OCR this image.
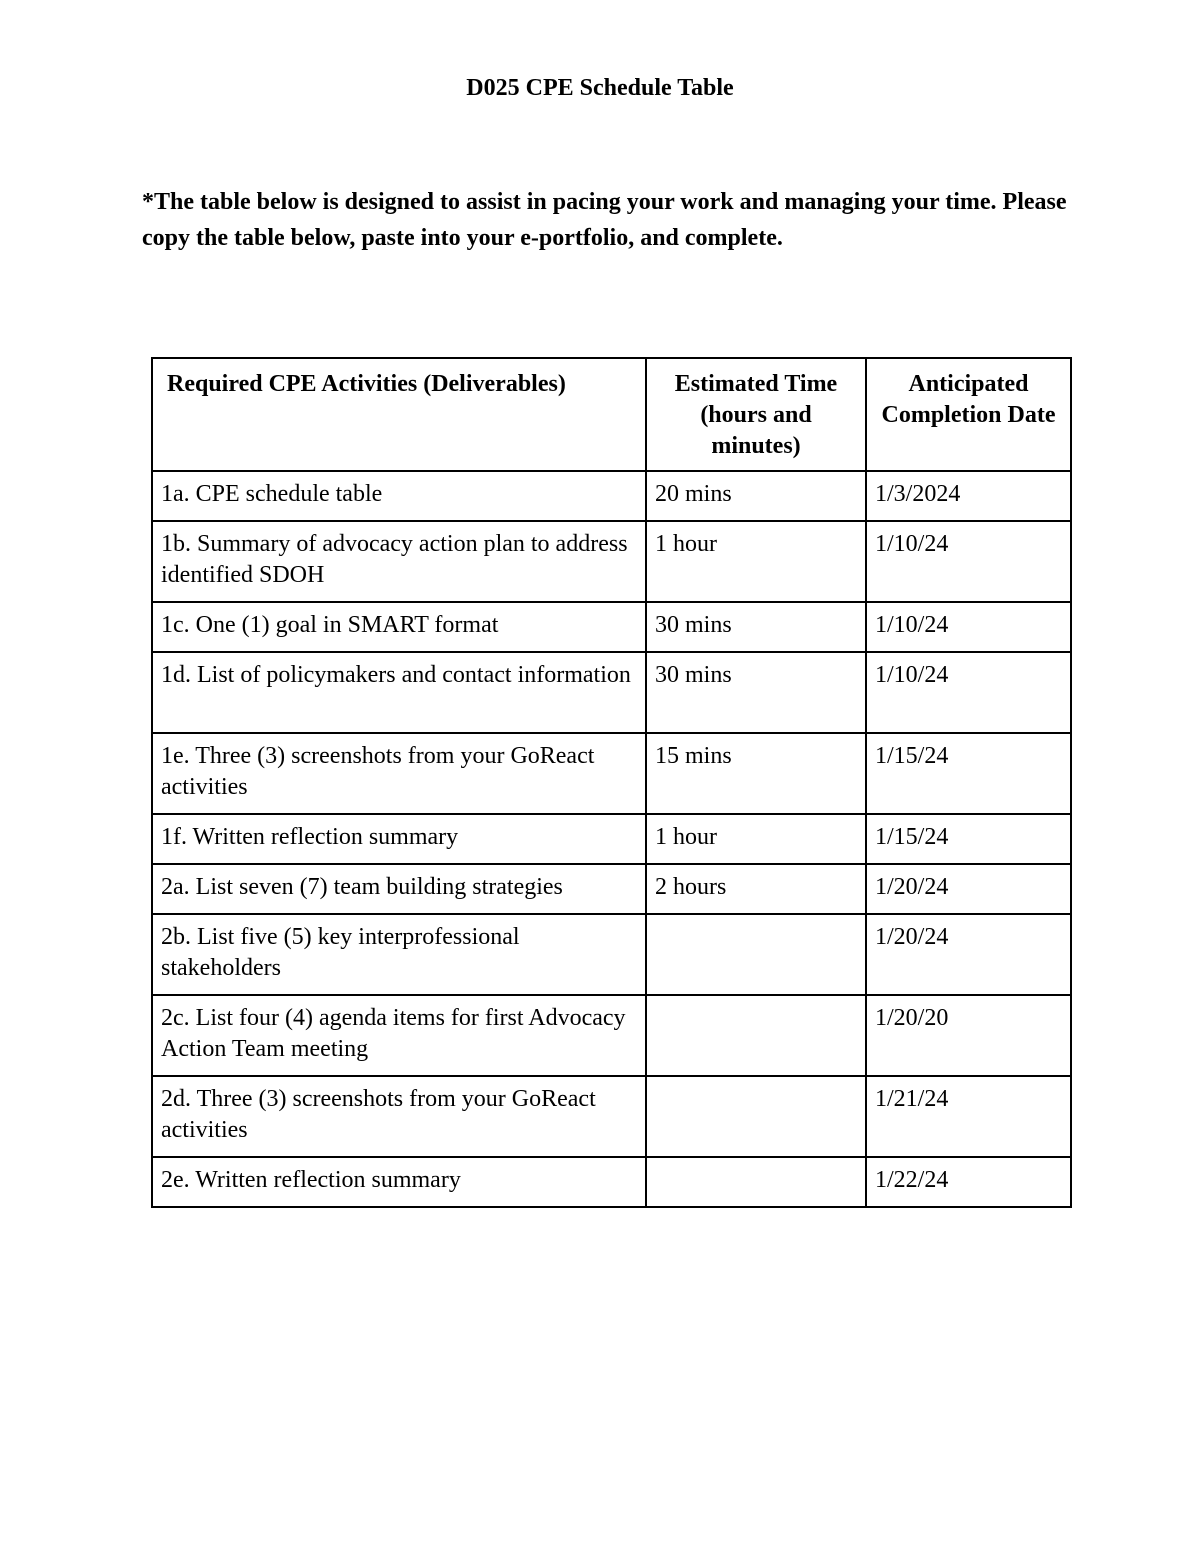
D025 CPE Schedule Table
*The table below is designed to assist in pacing your work and managing your time. Please copy the table below, paste into your e-portfolio, and complete.
Required CPE Activities (Deliverables)	Estimated Time (hours and minutes)	Anticipated Completion Date
1a. CPE schedule table	20 mins	1/3/2024
1b. Summary of advocacy action plan to address identified SDOH	1 hour	1/10/24
1c. One (1) goal in SMART format	30 mins	1/10/24
1d. List of policymakers and contact information	30 mins	1/10/24
1e. Three (3) screenshots from your GoReact activities	15 mins	1/15/24
1f. Written reflection summary	1 hour	1/15/24
2a. List seven (7) team building strategies	2 hours	1/20/24
2b. List five (5) key interprofessional stakeholders		1/20/24
2c. List four (4) agenda items for first Advocacy Action Team meeting		1/20/20
2d. Three (3) screenshots from your GoReact activities		1/21/24
2e. Written reflection summary		1/22/24
